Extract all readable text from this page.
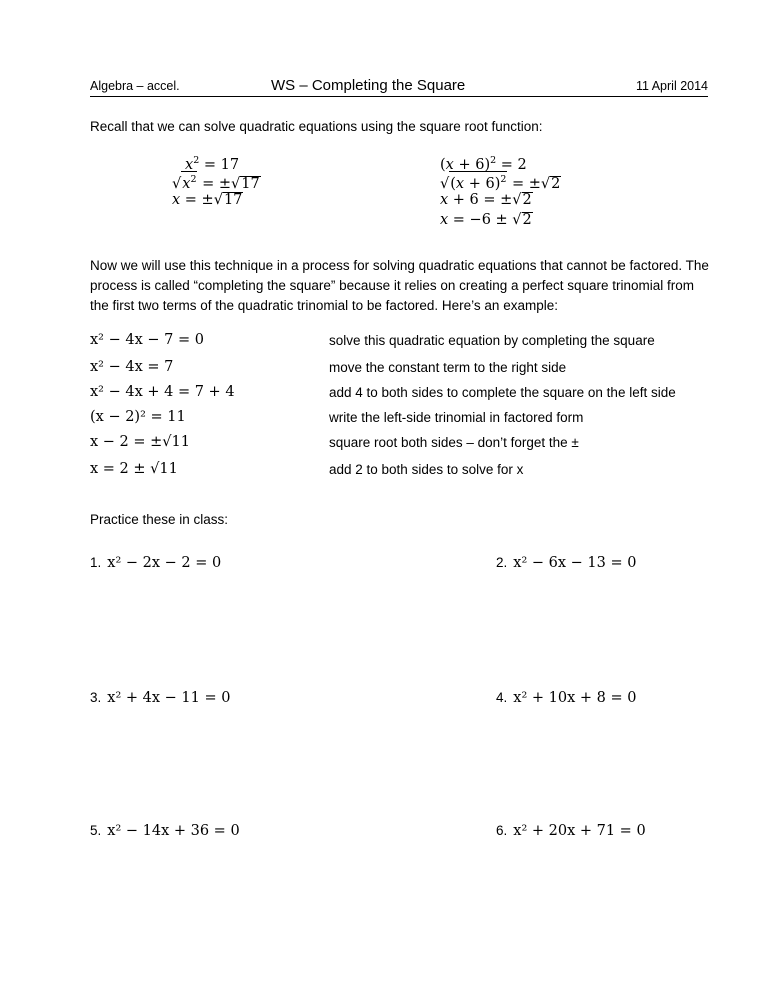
Algebra – accel.	WS – Completing the Square	11 April 2014
Recall that we can solve quadratic equations using the square root function:
$x^2 = 17$
$√x^2 = \pm√17$
x = ±√17
$(x + 6)^2 = 2$
$√(x + 6)^2 = \pm√2$
x + 6 = ±√2
x = −6 ± √2
Now we will use this technique in a process for solving quadratic equations that cannot be factored. The process is called “completing the square” because it relies on creating a perfect square trinomial from the first two terms of the quadratic trinomial to be factored. Here’s an example:
x² − 4x − 7 = 0	solve this quadratic equation by completing the square
x² − 4x = 7	move the constant term to the right side
x² − 4x + 4 = 7 + 4	add 4 to both sides to complete the square on the left side
(x − 2)² = 11	write the left-side trinomial in factored form
x − 2 = ±√11	square root both sides – don’t forget the ±
x = 2 ± √11	add 2 to both sides to solve for x
Practice these in class:
1. x² − 2x − 2 = 0	2. x² − 6x − 13 = 0
3. x² + 4x − 11 = 0	4. x² + 10x + 8 = 0
5. x² − 14x + 36 = 0	6. x² + 20x + 71 = 0
